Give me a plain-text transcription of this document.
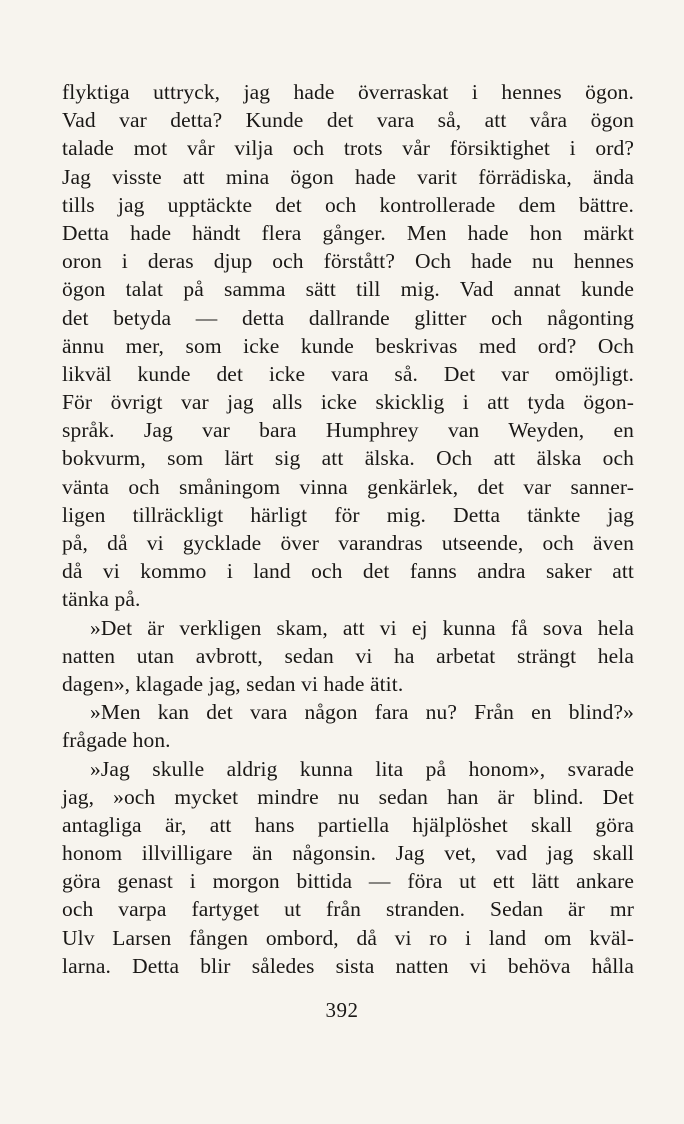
flyktiga uttryck, jag hade överraskat i hennes ögon.
Vad var detta? Kunde det vara så, att våra ögon
talade mot vår vilja och trots vår försiktighet i ord?
Jag visste att mina ögon hade varit förrädiska, ända
tills jag upptäckte det och kontrollerade dem bättre.
Detta hade händt flera gånger. Men hade hon märkt
oron i deras djup och förstått? Och hade nu hennes
ögon talat på samma sätt till mig. Vad annat kunde
det betyda — detta dallrande glitter och någonting
ännu mer, som icke kunde beskrivas med ord? Och
likväl kunde det icke vara så. Det var omöjligt.
För övrigt var jag alls icke skicklig i att tyda ögon-
språk. Jag var bara Humphrey van Weyden, en
bokvurm, som lärt sig att älska. Och att älska och
vänta och småningom vinna genkärlek, det var sanner-
ligen tillräckligt härligt för mig. Detta tänkte jag
på, då vi gycklade över varandras utseende, och även
då vi kommo i land och det fanns andra saker att
tänka på.
»Det är verkligen skam, att vi ej kunna få sova hela
natten utan avbrott, sedan vi ha arbetat strängt hela
dagen», klagade jag, sedan vi hade ätit.
»Men kan det vara någon fara nu? Från en blind?»
frågade hon.
»Jag skulle aldrig kunna lita på honom», svarade
jag, »och mycket mindre nu sedan han är blind. Det
antagliga är, att hans partiella hjälplöshet skall göra
honom illvilligare än någonsin. Jag vet, vad jag skall
göra genast i morgon bittida — föra ut ett lätt ankare
och varpa fartyget ut från stranden. Sedan är mr
Ulv Larsen fången ombord, då vi ro i land om kväl-
larna. Detta blir således sista natten vi behöva hålla
392
